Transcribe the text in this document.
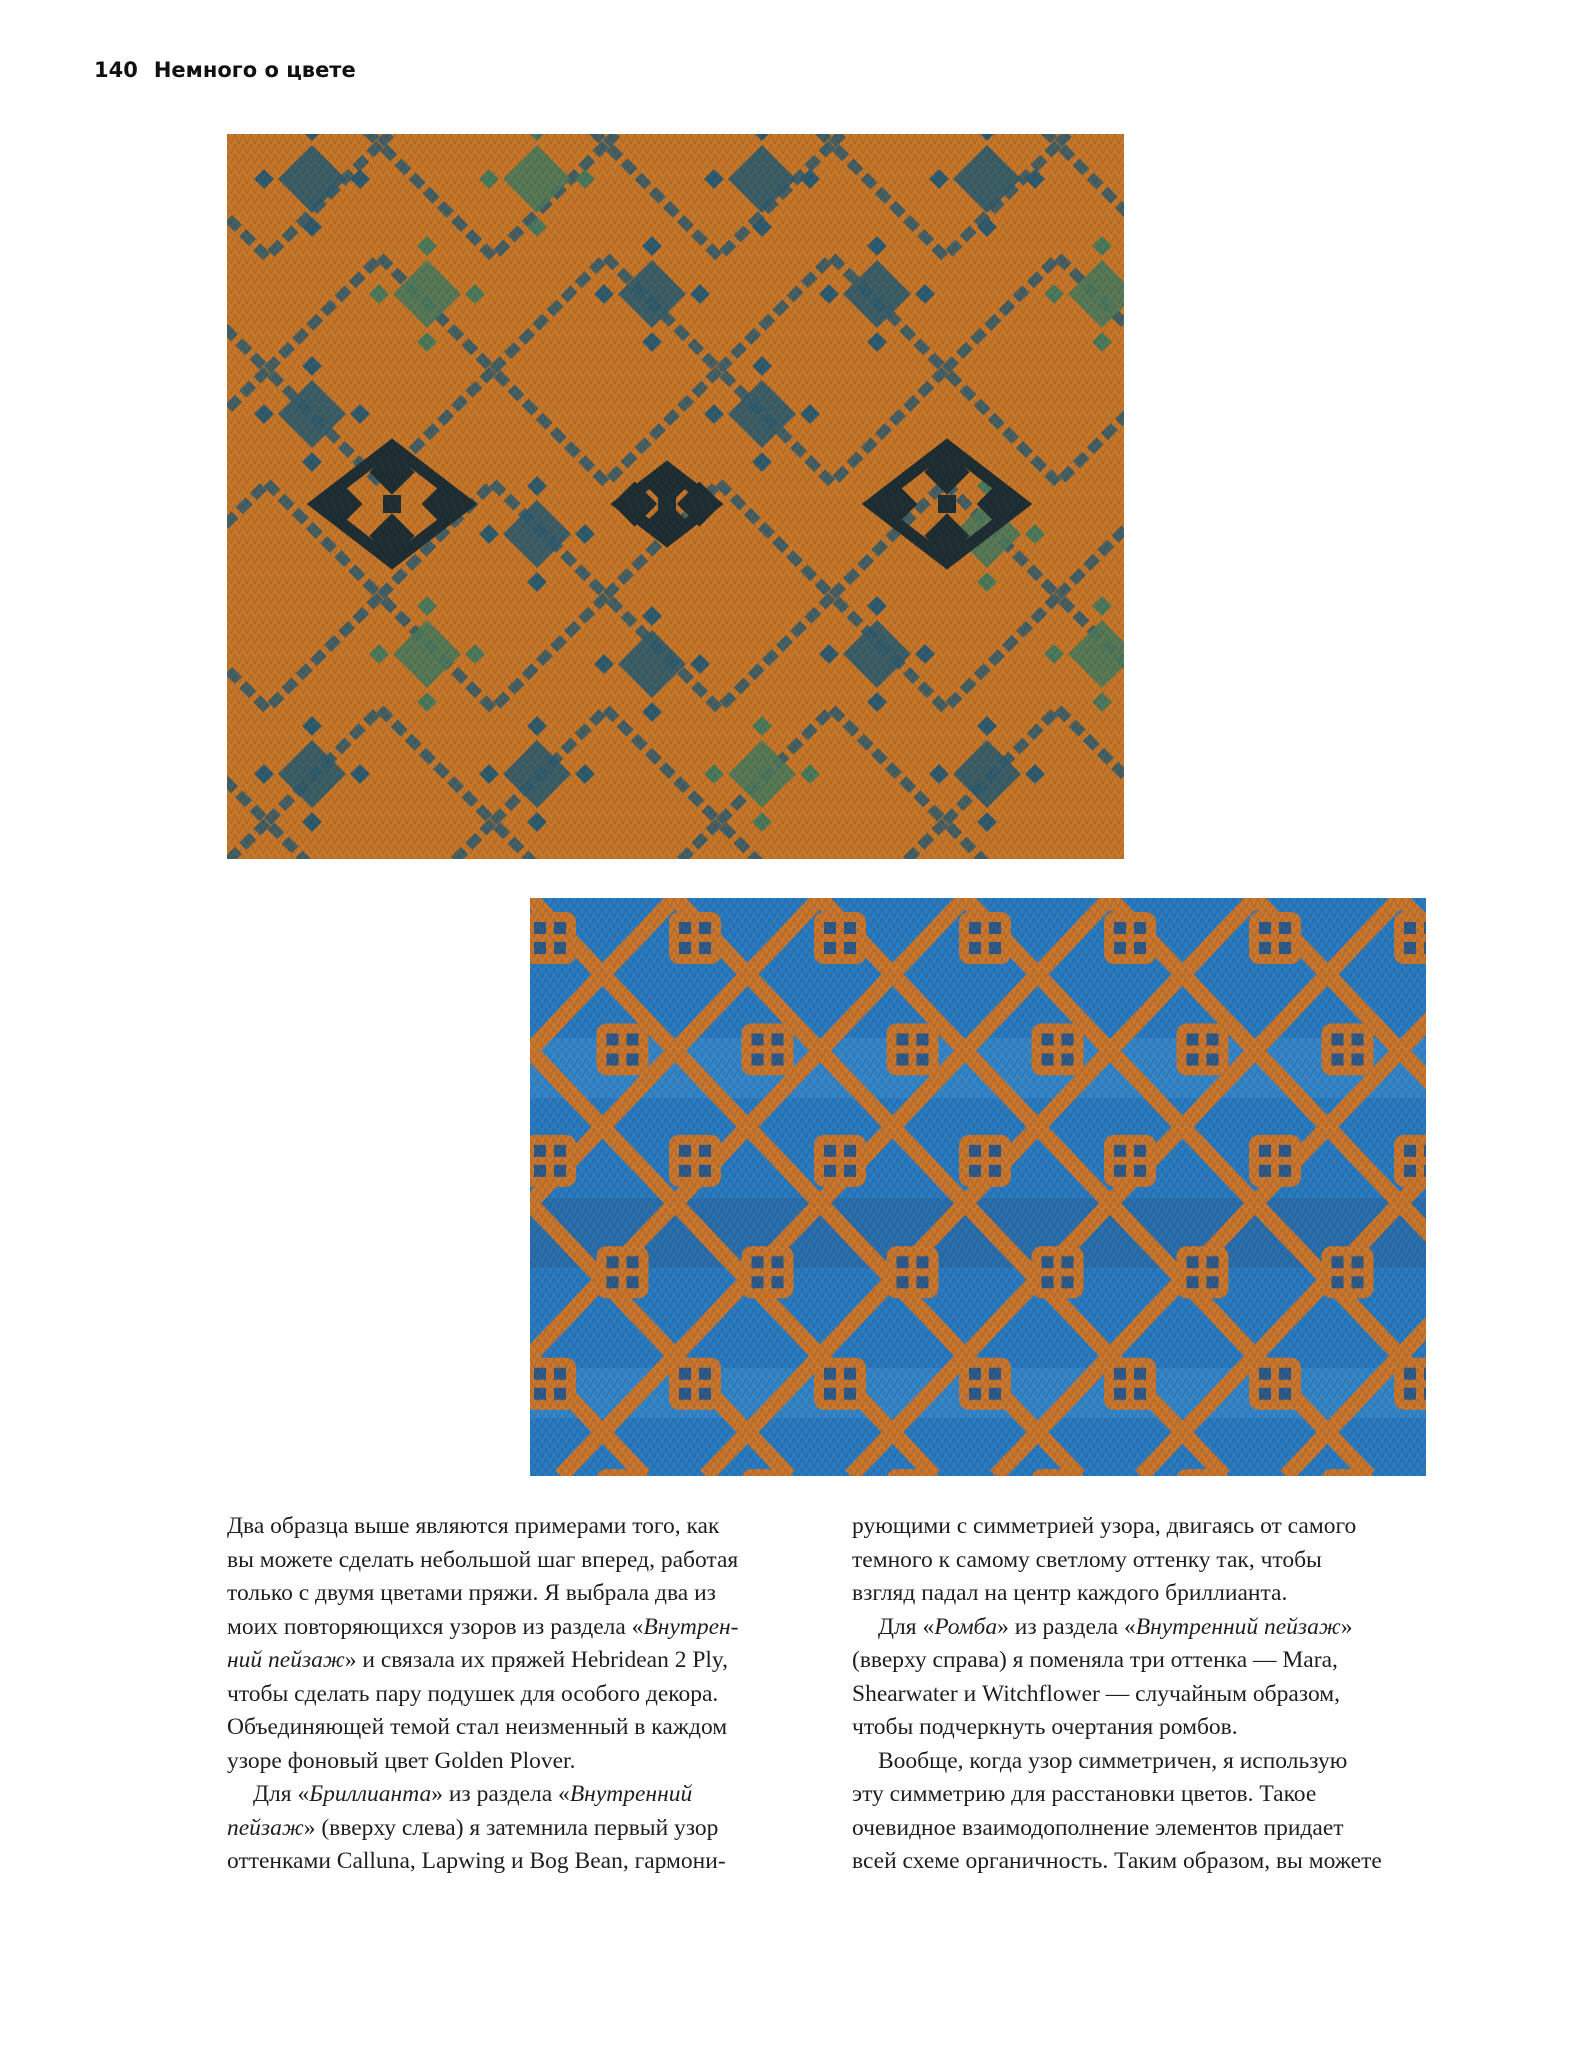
140 Немного о цвете
Два образца выше являются примерами того, как
вы можете сделать небольшой шаг вперед, работая
только с двумя цветами пряжи. Я выбрала два из
моих повторяющихся узоров из раздела «Внутрен-
ний пейзаж» и связала их пряжей Hebridean 2 Ply,
чтобы сделать пару подушек для особого декора.
Объединяющей темой стал неизменный в каждом
узоре фоновый цвет Golden Plover.
Для «Бриллианта» из раздела «Внутренний
пейзаж» (вверху слева) я затемнила первый узор
оттенками Calluna, Lapwing и Bog Bean, гармони-
рующими с симметрией узора, двигаясь от самого
темного к самому светлому оттенку так, чтобы
взгляд падал на центр каждого бриллианта.
Для «Ромба» из раздела «Внутренний пейзаж»
(вверху справа) я поменяла три оттенка — Mara,
Shearwater и Witchflower — случайным образом,
чтобы подчеркнуть очертания ромбов.
Вообще, когда узор симметричен, я использую
эту симметрию для расстановки цветов. Такое
очевидное взаимодополнение элементов придает
всей схеме органичность. Таким образом, вы можете
